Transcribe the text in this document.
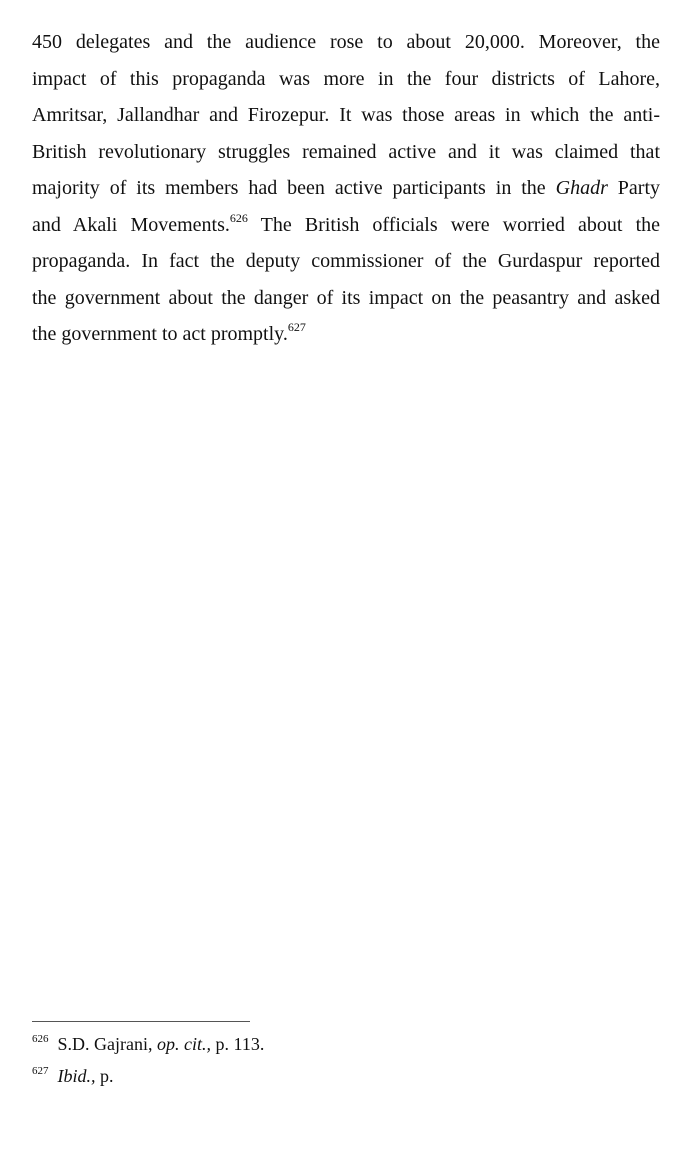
450 delegates and the audience rose to about 20,000. Moreover, the
impact of this propaganda was more in the four districts of Lahore,
Amritsar, Jallandhar and Firozepur. It was those areas in which the anti-
British revolutionary struggles remained active and it was claimed that
majority of its members had been active participants in the Ghadr Party
and Akali Movements.$^{626}$ The British officials were worried about the
propaganda. In fact the deputy commissioner of the Gurdaspur reported
the government about the danger of its impact on the peasantry and asked
the government to act promptly.$^{627}$
$^{626}$ S.D. Gajrani, op. cit., p. 113.
$^{627}$ Ibid., p.
